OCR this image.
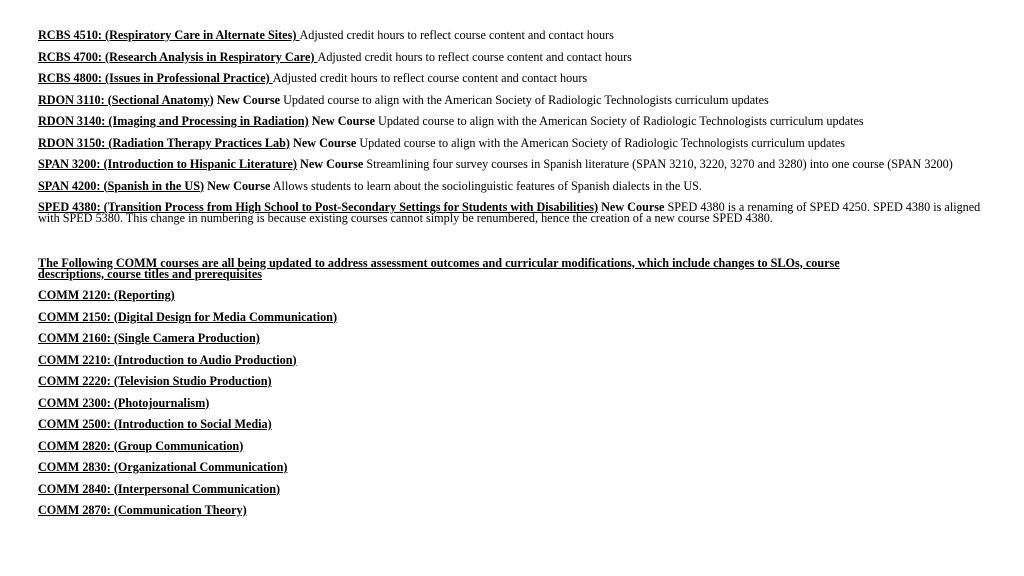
RCBS 4510: (Respiratory Care in Alternate Sites) Adjusted credit hours to reflect course content and contact hours
RCBS 4700: (Research Analysis in Respiratory Care) Adjusted credit hours to reflect course content and contact hours
RCBS 4800: (Issues in Professional Practice) Adjusted credit hours to reflect course content and contact hours
RDON 3110: (Sectional Anatomy) New Course Updated course to align with the American Society of Radiologic Technologists curriculum updates
RDON 3140: (Imaging and Processing in Radiation) New Course Updated course to align with the American Society of Radiologic Technologists curriculum updates
RDON 3150: (Radiation Therapy Practices Lab) New Course Updated course to align with the American Society of Radiologic Technologists curriculum updates
SPAN 3200: (Introduction to Hispanic Literature) New Course Streamlining four survey courses in Spanish literature (SPAN 3210, 3220, 3270 and 3280) into one course (SPAN 3200)
SPAN 4200: (Spanish in the US) New Course Allows students to learn about the sociolinguistic features of Spanish dialects in the US.
SPED 4380: (Transition Process from High School to Post-Secondary Settings for Students with Disabilities) New Course SPED 4380 is a renaming of SPED 4250. SPED 4380 is aligned with SPED 5380. This change in numbering is because existing courses cannot simply be renumbered, hence the creation of a new course SPED 4380.
The Following COMM courses are all being updated to address assessment outcomes and curricular modifications, which include changes to SLOs, course descriptions, course titles and prerequisites
COMM 2120: (Reporting)
COMM 2150: (Digital Design for Media Communication)
COMM 2160: (Single Camera Production)
COMM 2210: (Introduction to Audio Production)
COMM 2220: (Television Studio Production)
COMM 2300: (Photojournalism)
COMM 2500: (Introduction to Social Media)
COMM 2820: (Group Communication)
COMM 2830: (Organizational Communication)
COMM 2840: (Interpersonal Communication)
COMM 2870: (Communication Theory)
